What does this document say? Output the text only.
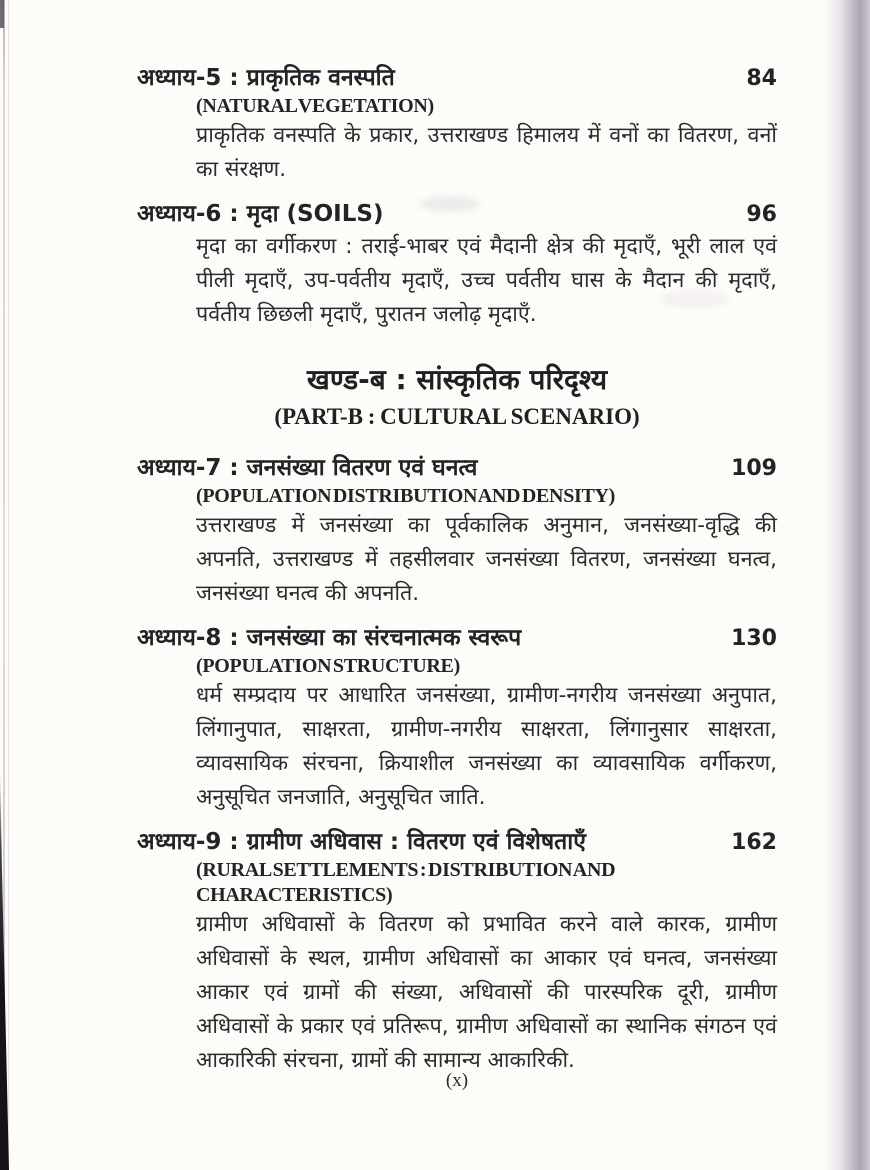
अध्याय-5 : प्राकृतिक वनस्पति	84
(NATURAL VEGETATION)
प्राकृतिक वनस्पति के प्रकार, उत्तराखण्ड हिमालय में वनों का वितरण, वनों का संरक्षण.
अध्याय-6 : मृदा (SOILS)	96
मृदा का वर्गीकरण : तराई-भाबर एवं मैदानी क्षेत्र की मृदाएँ, भूरी लाल एवं पीली मृदाएँ, उप-पर्वतीय मृदाएँ, उच्च पर्वतीय घास के मैदान की मृदाएँ, पर्वतीय छिछली मृदाएँ, पुरातन जलोढ़ मृदाएँ.
खण्ड-ब : सांस्कृतिक परिदृश्य
(PART-B : CULTURAL SCENARIO)
अध्याय-7 : जनसंख्या वितरण एवं घनत्व	109
(POPULATION DISTRIBUTION AND DENSITY)
उत्तराखण्ड में जनसंख्या का पूर्वकालिक अनुमान, जनसंख्या-वृद्धि की अपनति, उत्तराखण्ड में तहसीलवार जनसंख्या वितरण, जनसंख्या घनत्व, जनसंख्या घनत्व की अपनति.
अध्याय-8 : जनसंख्या का संरचनात्मक स्वरूप	130
(POPULATION STRUCTURE)
धर्म सम्प्रदाय पर आधारित जनसंख्या, ग्रामीण-नगरीय जनसंख्या अनुपात, लिंगानुपात, साक्षरता, ग्रामीण-नगरीय साक्षरता, लिंगानुसार साक्षरता, व्यावसायिक संरचना, क्रियाशील जनसंख्या का व्यावसायिक वर्गीकरण, अनुसूचित जनजाति, अनुसूचित जाति.
अध्याय-9 : ग्रामीण अधिवास : वितरण एवं विशेषताएँ	162
(RURAL SETTLEMENTS : DISTRIBUTION AND CHARACTERISTICS)
ग्रामीण अधिवासों के वितरण को प्रभावित करने वाले कारक, ग्रामीण अधिवासों के स्थल, ग्रामीण अधिवासों का आकार एवं घनत्व, जनसंख्या आकार एवं ग्रामों की संख्या, अधिवासों की पारस्परिक दूरी, ग्रामीण अधिवासों के प्रकार एवं प्रतिरूप, ग्रामीण अधिवासों का स्थानिक संगठन एवं आकारिकी संरचना, ग्रामों की सामान्य आकारिकी.
(x)
